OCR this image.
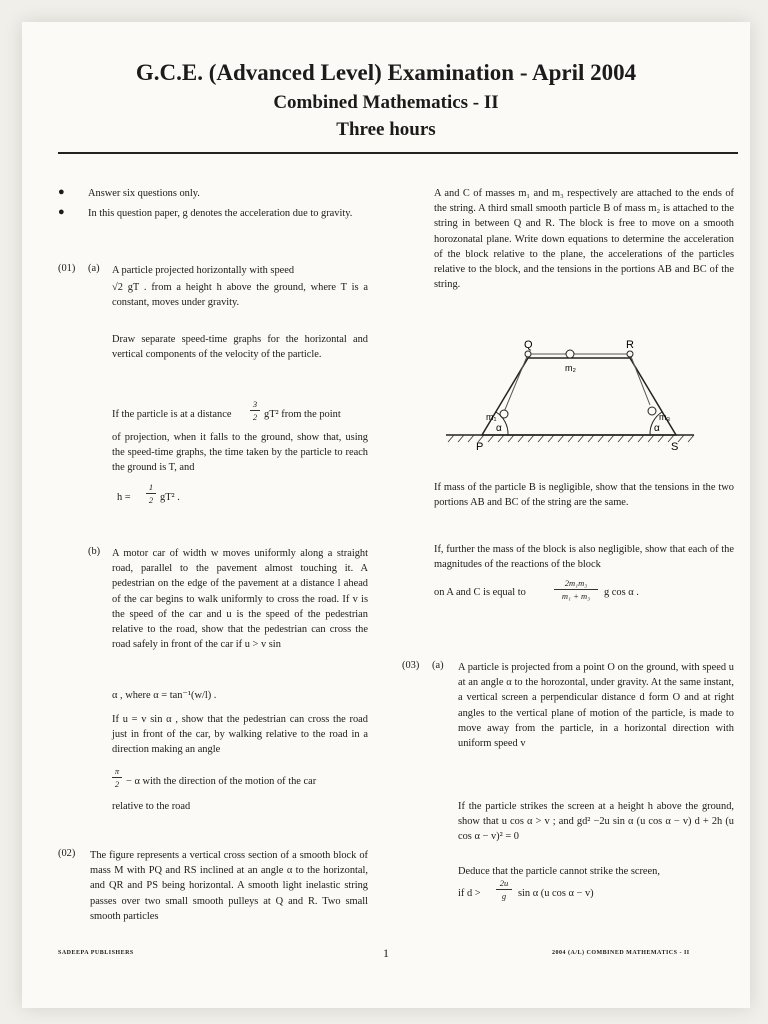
G.C.E. (Advanced Level) Examination - April 2004
Combined Mathematics - II
Three hours
● Answer six questions only.
● In this question paper, g denotes the acceleration due to gravity.
(01) (a) A particle projected horizontally with speed
√2 gT . from a height h above the ground, where T is a constant, moves under gravity.
Draw separate speed-time graphs for the horizontal and vertical components of the velocity of the particle.
If the particle is at a distance
3
2 gT² from the point
of projection, when it falls to the ground, show that, using the speed-time graphs, the time taken by the particle to reach the ground is T, and
h =
1
2 gT² .
(b) A motor car of width w moves uniformly along a straight road, parallel to the pavement almost touching it. A pedestrian on the edge of the pavement at a distance l ahead of the car begins to walk uniformly to cross the road. If v is the speed of the car and u is the speed of the pedestrian relative to the road, show that the pedestrian can cross the road safely in front of the car if u > v sin
α , where α = tan⁻¹(w/l) .
If u = v sin α , show that the pedestrian can cross the road just in front of the car, by walking relative to the road in a direction making an angle
π
2 − α with the direction of the motion of the car
relative to the road
(02) The figure represents a vertical cross section of a smooth block of mass M with PQ and RS inclined at an angle α to the horizontal, and QR and PS being horizontal. A smooth light inelastic string passes over two small smooth pulleys at Q and R. Two small smooth particles
A and C of masses m₁ and m₃ respectively are attached to the ends of the string. A third small smooth particle B of mass m₂ is attached to the string in between Q and R. The block is free to move on a smooth horozonatal plane. Write down equations to determine the acceleration of the block relative to the plane, the accelerations of the particles relative to the block, and the tensions in the portions AB and BC of the string.
Q	R
m₂
m₁	m₃
α	α
P	S
If mass of the particle B is negligible, show that the tensions in the two portions AB and BC of the string are the same.
If, further the mass of the block is also negligible, show that each of the magnitudes of the reactions of the block
on A and C is equal to
2m₁m₃
m₁ + m₃	g cos α .
(03) (a) A particle is projected from a point O on the ground, with speed u at an angle α to the horozontal, under gravity. At the same instant, a vertical screen a perpendicular distance d form O and at right angles to the vertical plane of motion of the particle, is made to move away from the particle, in a horizontal direction with uniform speed v
If the particle strikes the screen at a height h above the ground, show that u cos α > v ; and gd² −2u sin α (u cos α − v) d + 2h (u cos α − v)² = 0
Deduce that the particle cannot strike the screen,
if d >
2u
g	sin α (u cos α − v)
SADEEPA PUBLISHERS	1	2004 (A/L) COMBINED MATHEMATICS - II
